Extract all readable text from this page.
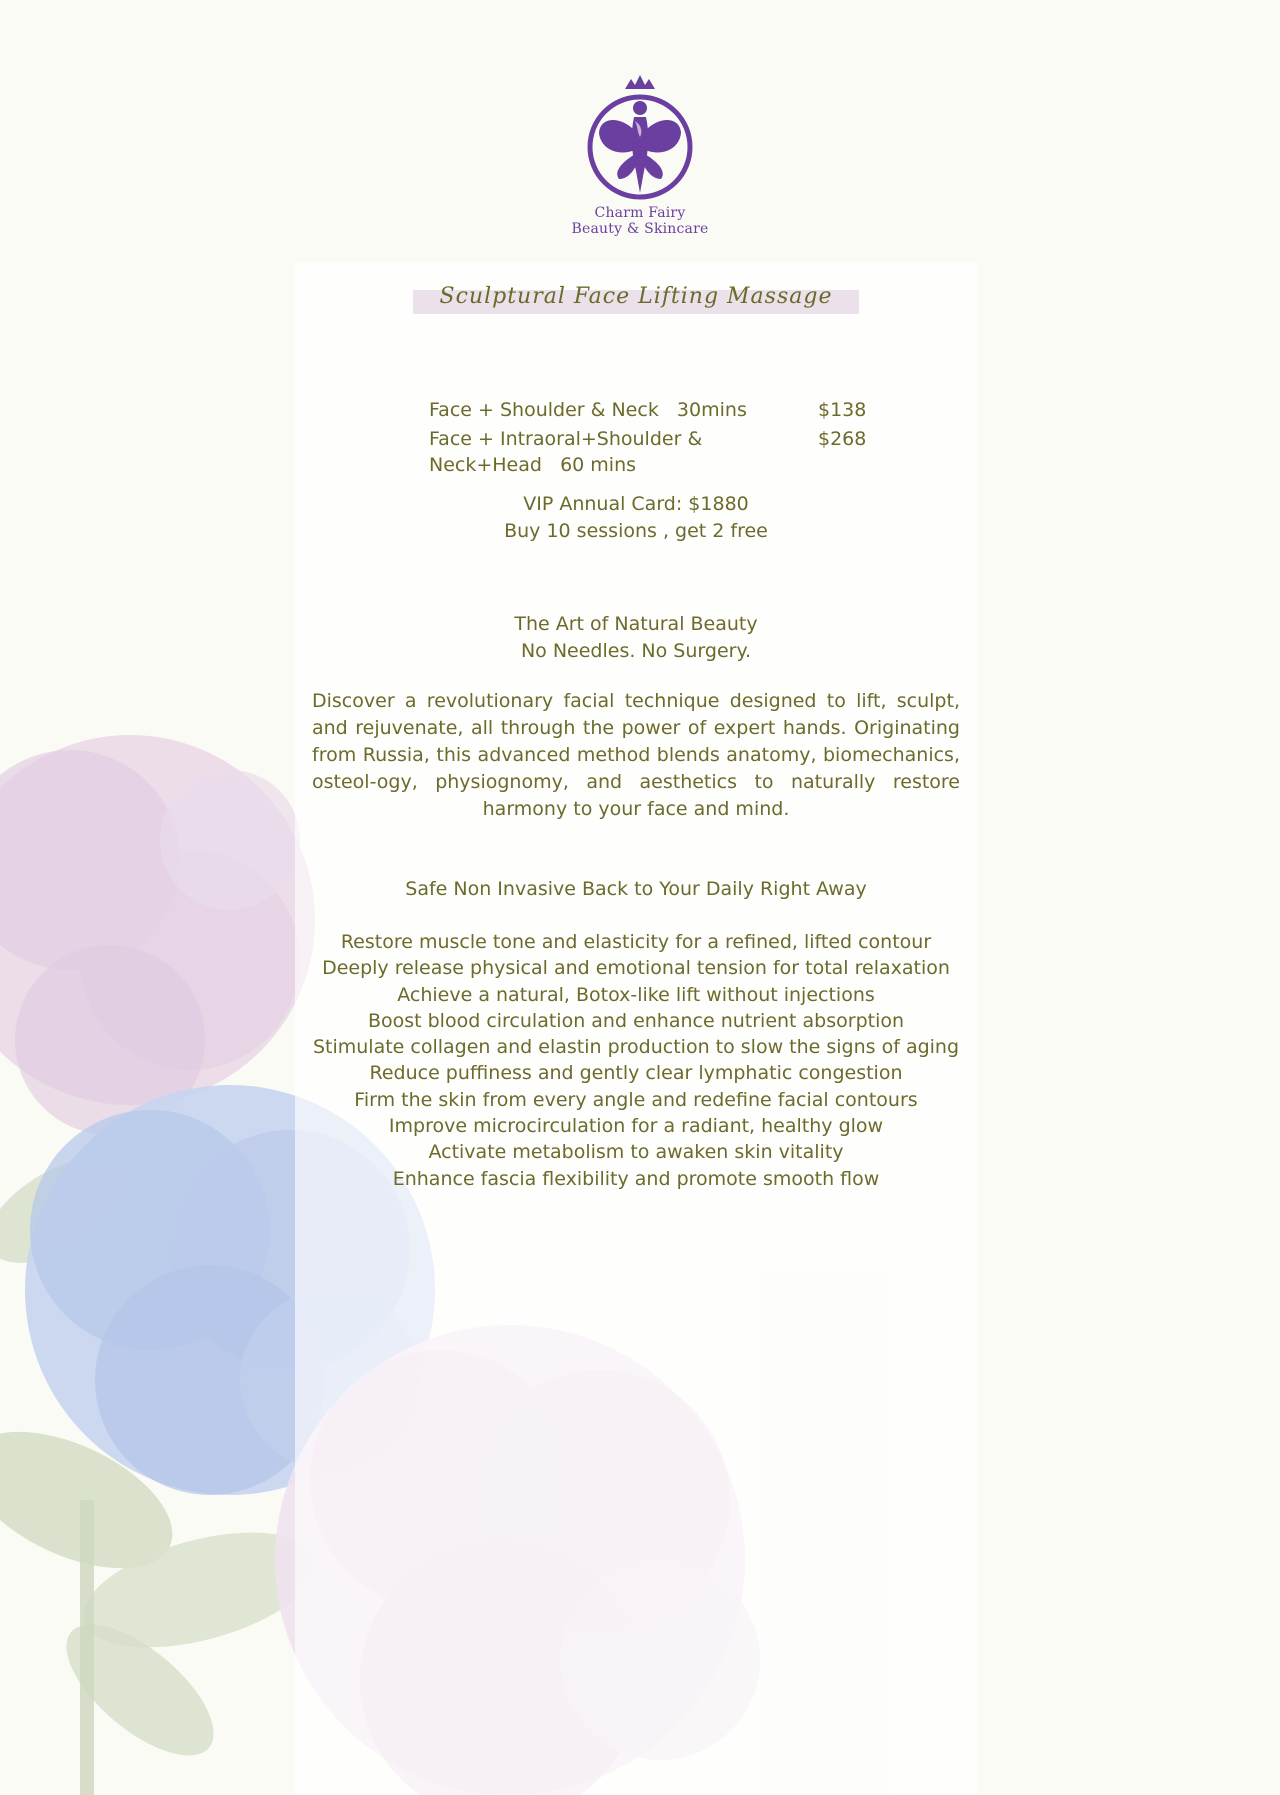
Charm Fairy
Beauty & Skincare
Sculptural Face Lifting Massage
Face + Shoulder & Neck   30mins	$138
Face + Intraoral+Shoulder & Neck+Head   60 mins
$268
VIP Annual Card: $1880
Buy 10 sessions , get 2 free
The Art of Natural Beauty
No Needles. No Surgery.
Discover a revolutionary facial technique designed to lift, sculpt, and rejuvenate, all through the power of expert hands. Originating from Russia, this advanced method blends anatomy, biomechanics, osteol-ogy, physiognomy, and aesthetics to naturally restore harmony to your face and mind.
Safe Non Invasive Back to Your Daily Right Away
Restore muscle tone and elasticity for a refined, lifted contour
Deeply release physical and emotional tension for total relaxation
Achieve a natural, Botox-like lift without injections
Boost blood circulation and enhance nutrient absorption
Stimulate collagen and elastin production to slow the signs of aging
Reduce puffiness and gently clear lymphatic congestion
Firm the skin from every angle and redefine facial contours
Improve microcirculation for a radiant, healthy glow
Activate metabolism to awaken skin vitality
Enhance fascia flexibility and promote smooth flow
